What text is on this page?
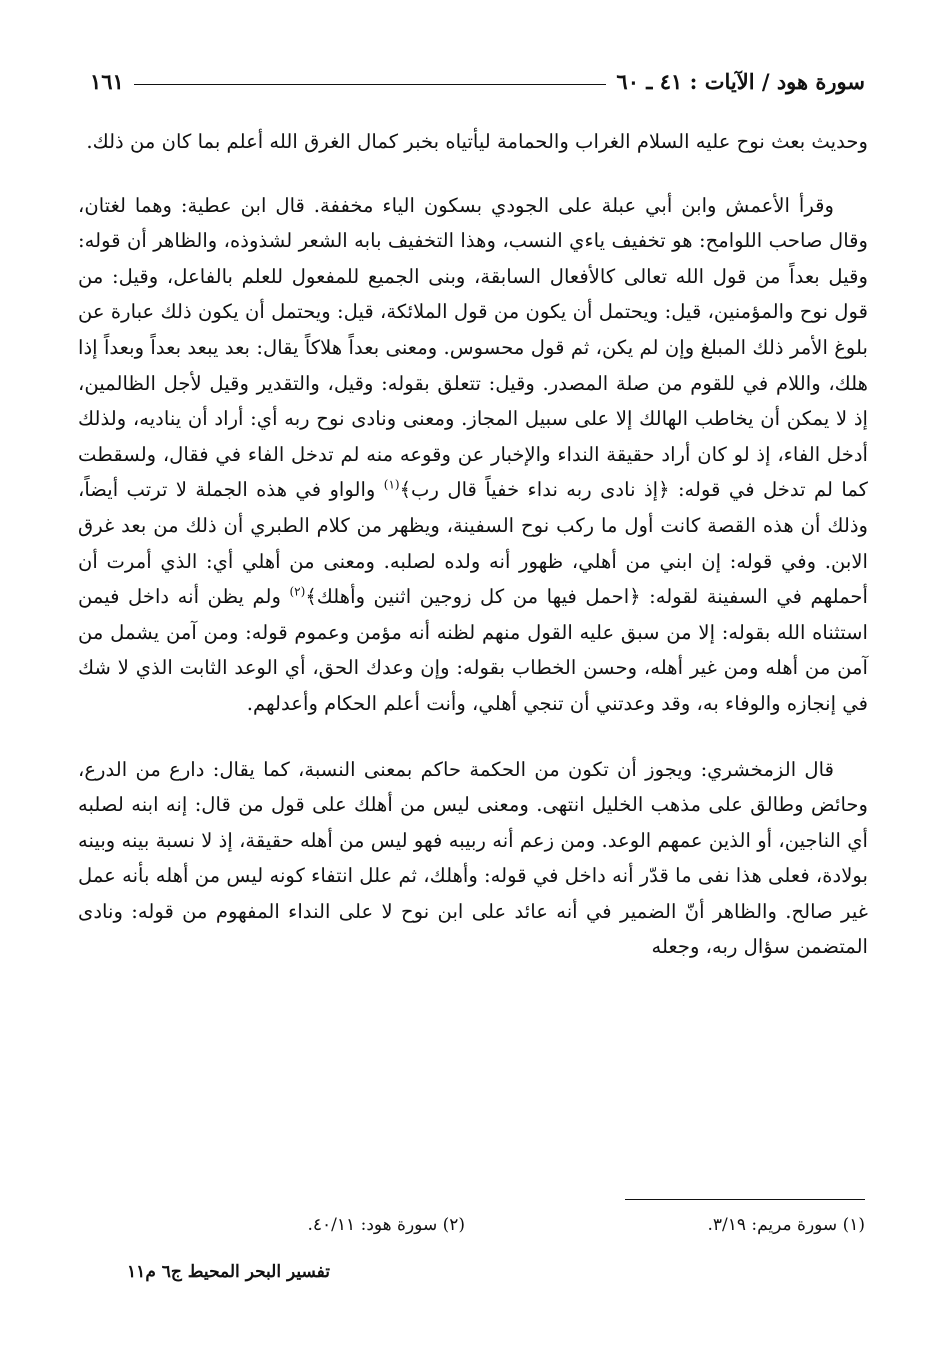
سورة هود / الآيات : ٤١ ـ ٦٠
١٦١

وحديث بعث نوح عليه السلام الغراب والحمامة ليأتياه بخبر كمال الغرق الله أعلم بما كان من ذلك.

وقرأ الأعمش وابن أبي عبلة على الجودي بسكون الياء مخففة. قال ابن عطية: وهما لغتان، وقال صاحب اللوامح: هو تخفيف ياءي النسب، وهذا التخفيف بابه الشعر لشذوذه، والظاهر أن قوله: وقيل بعداً من قول الله تعالى كالأفعال السابقة، وبنى الجميع للمفعول للعلم بالفاعل، وقيل: من قول نوح والمؤمنين، قيل: ويحتمل أن يكون من قول الملائكة، قيل: ويحتمل أن يكون ذلك عبارة عن بلوغ الأمر ذلك المبلغ وإن لم يكن، ثم قول محسوس. ومعنى بعداً هلاكاً يقال: بعد يبعد بعداً وبعداً إذا هلك، واللام في للقوم من صلة المصدر. وقيل: تتعلق بقوله: وقيل، والتقدير وقيل لأجل الظالمين، إذ لا يمكن أن يخاطب الهالك إلا على سبيل المجاز. ومعنى ونادى نوح ربه أي: أراد أن يناديه، ولذلك أدخل الفاء، إذ لو كان أراد حقيقة النداء والإخبار عن وقوعه منه لم تدخل الفاء في فقال، ولسقطت كما لم تدخل في قوله: ﴿إذ نادى ربه نداء خفياً قال رب﴾$^{(١)}$ والواو في هذه الجملة لا ترتب أيضاً، وذلك أن هذه القصة كانت أول ما ركب نوح السفينة، ويظهر من كلام الطبري أن ذلك من بعد غرق الابن. وفي قوله: إن ابني من أهلي، ظهور أنه ولده لصلبه. ومعنى من أهلي أي: الذي أمرت أن أحملهم في السفينة لقوله: ﴿احمل فيها من كل زوجين اثنين وأهلك﴾$^{(٢)}$ ولم يظن أنه داخل فيمن استثناه الله بقوله: إلا من سبق عليه القول منهم لظنه أنه مؤمن وعموم قوله: ومن آمن يشمل من آمن من أهله ومن غير أهله، وحسن الخطاب بقوله: وإن وعدك الحق، أي الوعد الثابت الذي لا شك في إنجازه والوفاء به، وقد وعدتني أن تنجي أهلي، وأنت أعلم الحكام وأعدلهم.

قال الزمخشري: ويجوز أن تكون من الحكمة حاكم بمعنى النسبة، كما يقال: دارع من الدرع، وحائض وطالق على مذهب الخليل انتهى. ومعنى ليس من أهلك على قول من قال: إنه ابنه لصلبه أي الناجين، أو الذين عمهم الوعد. ومن زعم أنه ربيبه فهو ليس من أهله حقيقة، إذ لا نسبة بينه وبينه بولادة، فعلى هذا نفى ما قدّر أنه داخل في قوله: وأهلك، ثم علل انتفاء كونه ليس من أهله بأنه عمل غير صالح. والظاهر أنّ الضمير في أنه عائد على ابن نوح لا على النداء المفهوم من قوله: ونادى المتضمن سؤال ربه، وجعله

(١) سورة مريم: ٣/١٩.
(٢) سورة هود: ٤٠/١١.
تفسير البحر المحيط ج٦ م١١
